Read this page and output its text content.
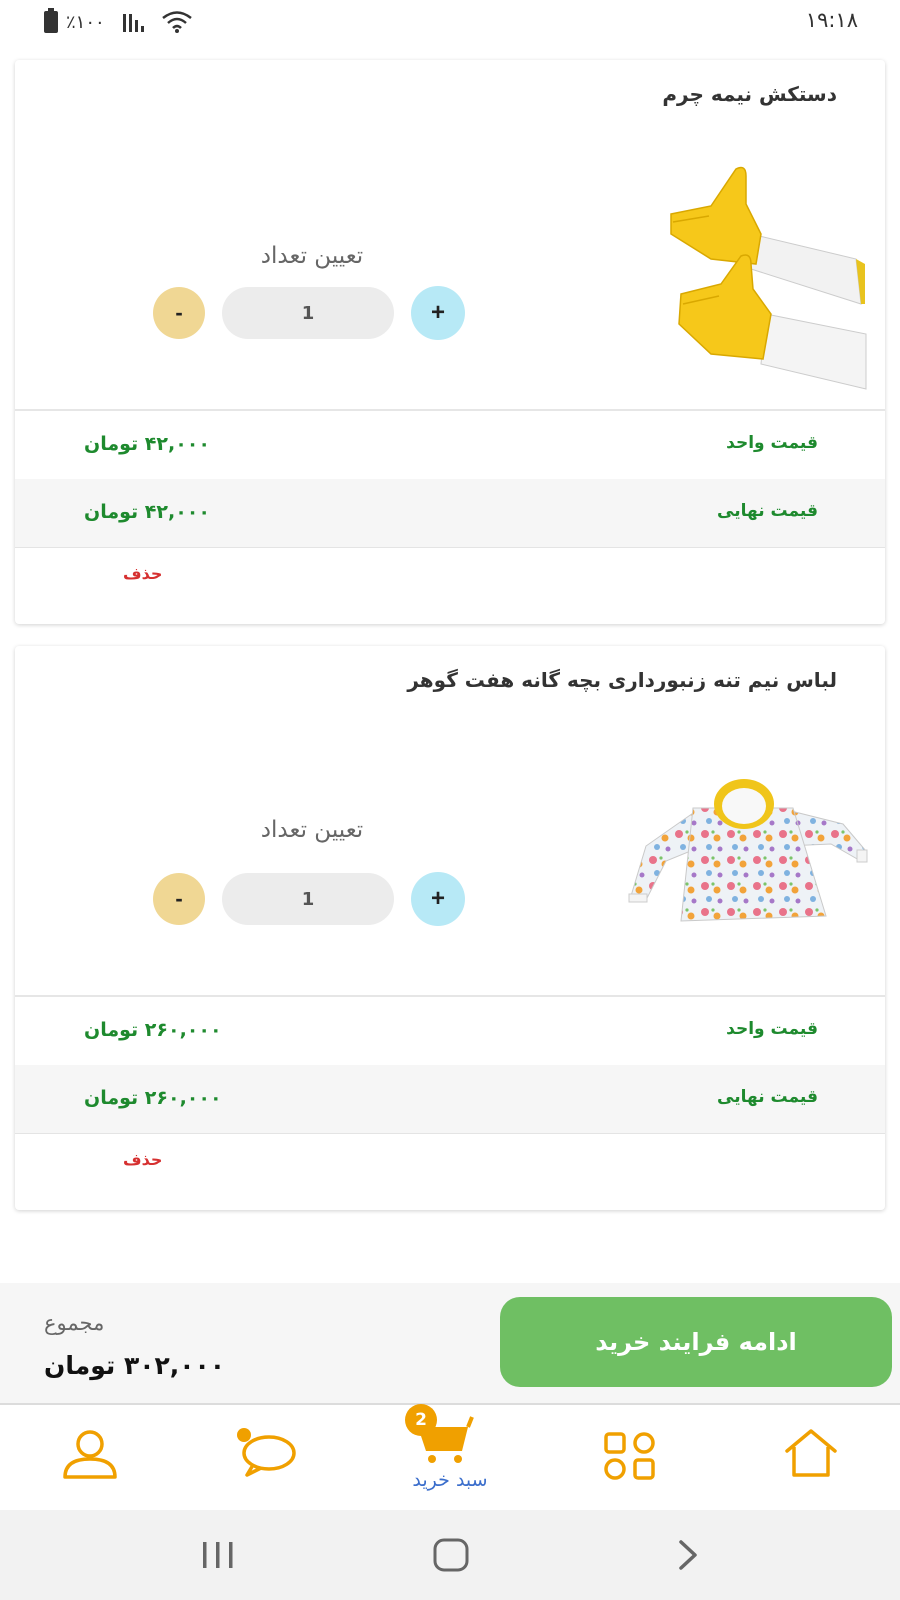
٪۱۰۰	۱۹:۱۸
دستکش نیمه چرم
تعیین تعداد
-	1	+
قیمت واحد
۴۲,۰۰۰ تومان
قیمت نهایی
۴۲,۰۰۰ تومان
حذف
لباس نیم تنه زنبورداری بچه گانه هفت گوهر
تعیین تعداد
-	1	+
قیمت واحد
۲۶۰,۰۰۰ تومان
قیمت نهایی
۲۶۰,۰۰۰ تومان
حذف
مجموع
۳۰۲,۰۰۰ تومان
ادامه فرایند خرید
سبد خرید
2
